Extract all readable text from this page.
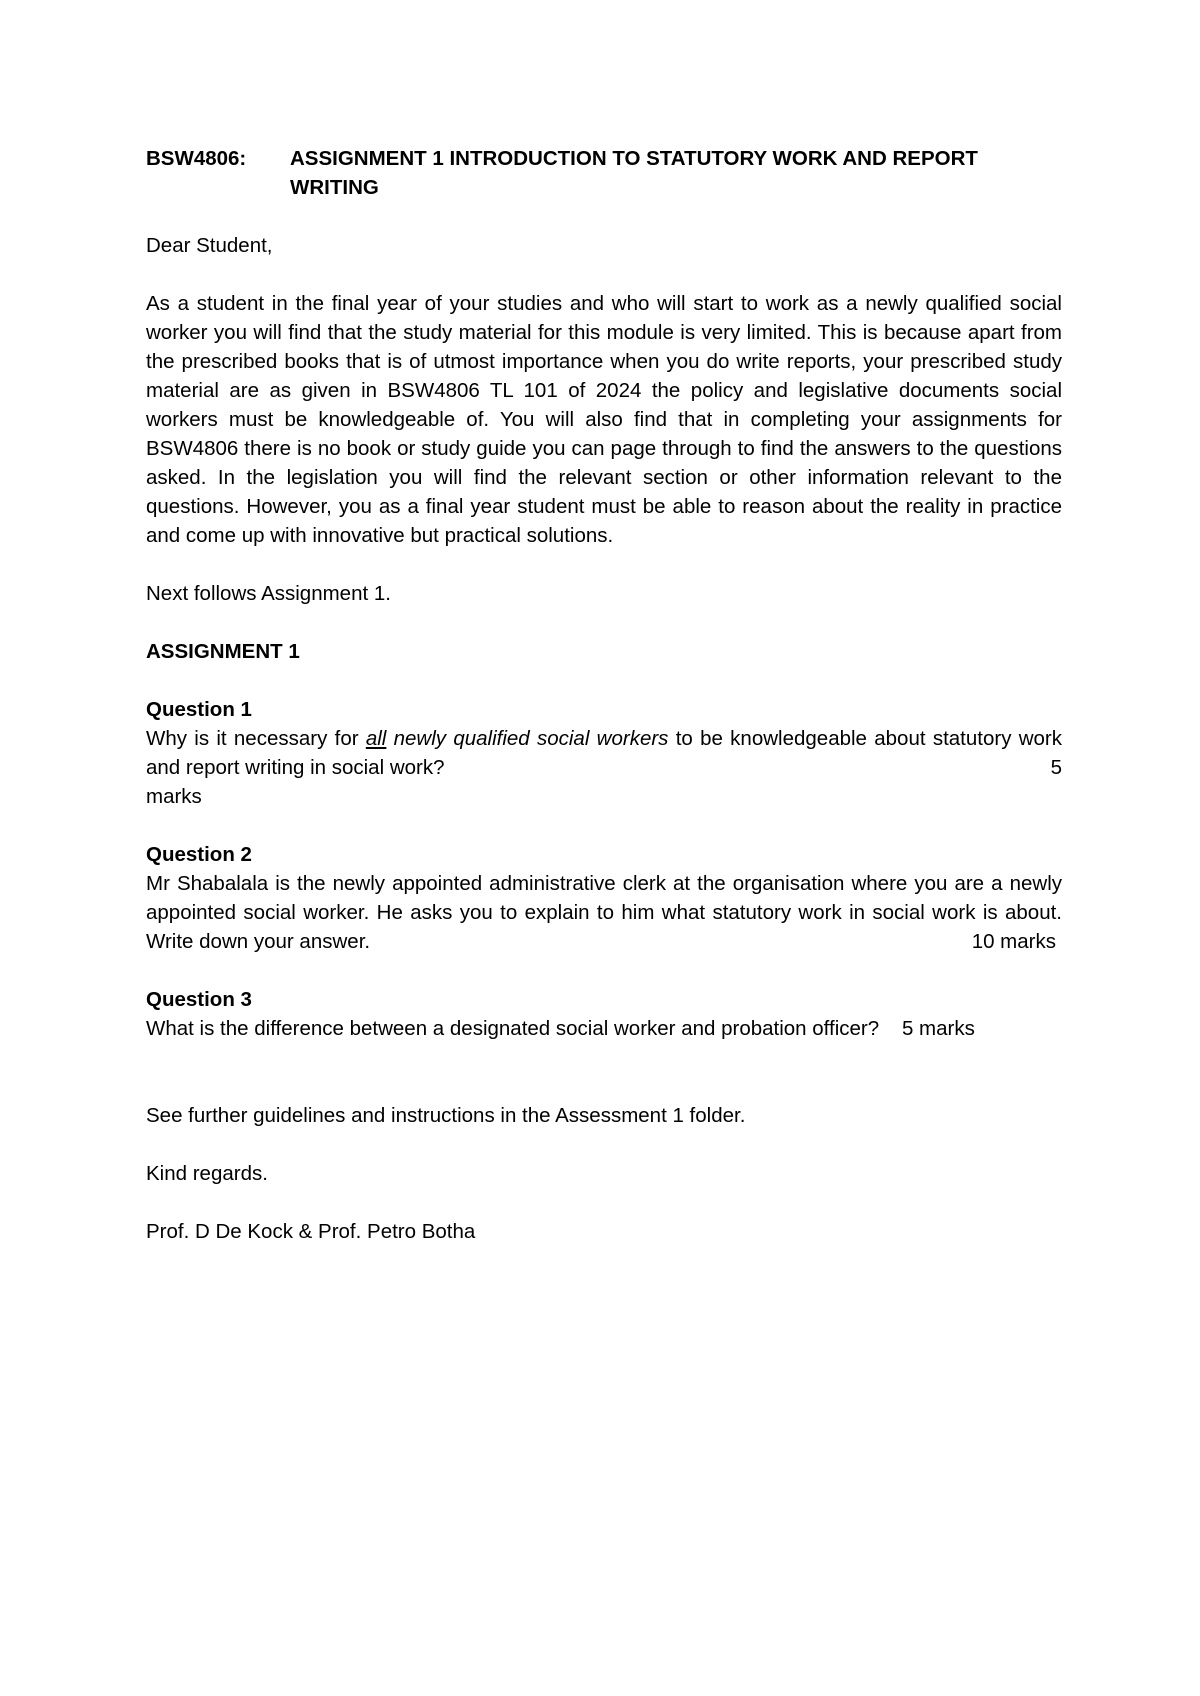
BSW4806:	ASSIGNMENT 1 INTRODUCTION TO STATUTORY WORK AND REPORT WRITING

Dear Student,

As a student in the final year of your studies and who will start to work as a newly qualified social worker you will find that the study material for this module is very limited. This is because apart from the prescribed books that is of utmost importance when you do write reports, your prescribed study material are as given in BSW4806 TL 101 of 2024 the policy and legislative documents social workers must be knowledgeable of. You will also find that in completing your assignments for BSW4806 there is no book or study guide you can page through to find the answers to the questions asked. In the legislation you will find the relevant section or other information relevant to the questions. However, you as a final year student must be able to reason about the reality in practice and come up with innovative but practical solutions.

Next follows Assignment 1.

ASSIGNMENT 1

Question 1
Why is it necessary for all newly qualified social workers to be knowledgeable about statutory work and report writing in social work?	5
marks
Question 2
Mr Shabalala is the newly appointed administrative clerk at the organisation where you are a newly appointed social worker. He asks you to explain to him what statutory work in social work is about. Write down your answer.	10 marks
Question 3
What is the difference between a designated social worker and probation officer? 5 marks

See further guidelines and instructions in the Assessment 1 folder.

Kind regards.

Prof. D De Kock & Prof. Petro Botha
